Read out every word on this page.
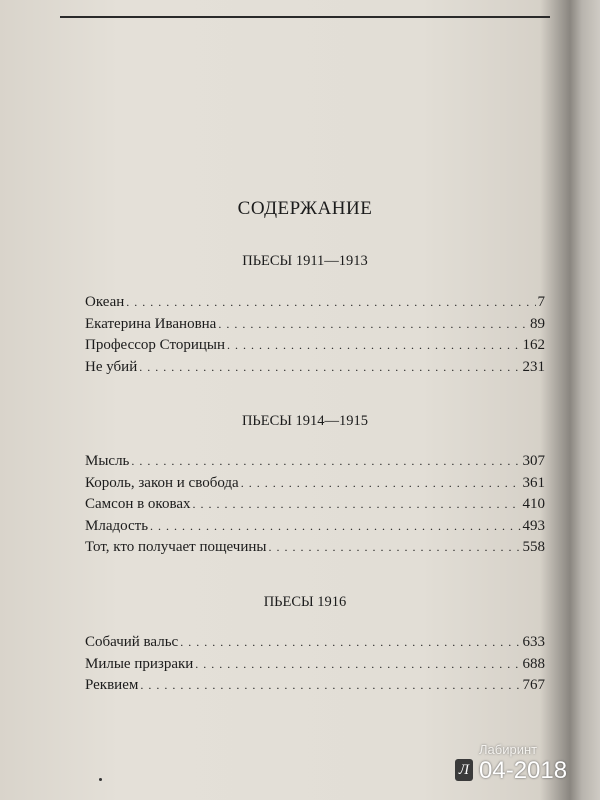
СОДЕРЖАНИЕ
ПЬЕСЫ 1911—1913
Океан . . .	7
Екатерина Ивановна . . .	89
Профессор Сторицын . . .	162
Не убий . . .	231
ПЬЕСЫ 1914—1915
Мысль . . .	307
Король, закон и свобода . . .	361
Самсон в оковах . . .	410
Младость . . .	493
Тот, кто получает пощечины . . .	558
ПЬЕСЫ 1916
Собачий вальс . . .	633
Милые призраки . . .	688
Реквием . . .	767
Л
Лабиринт
04-2018
